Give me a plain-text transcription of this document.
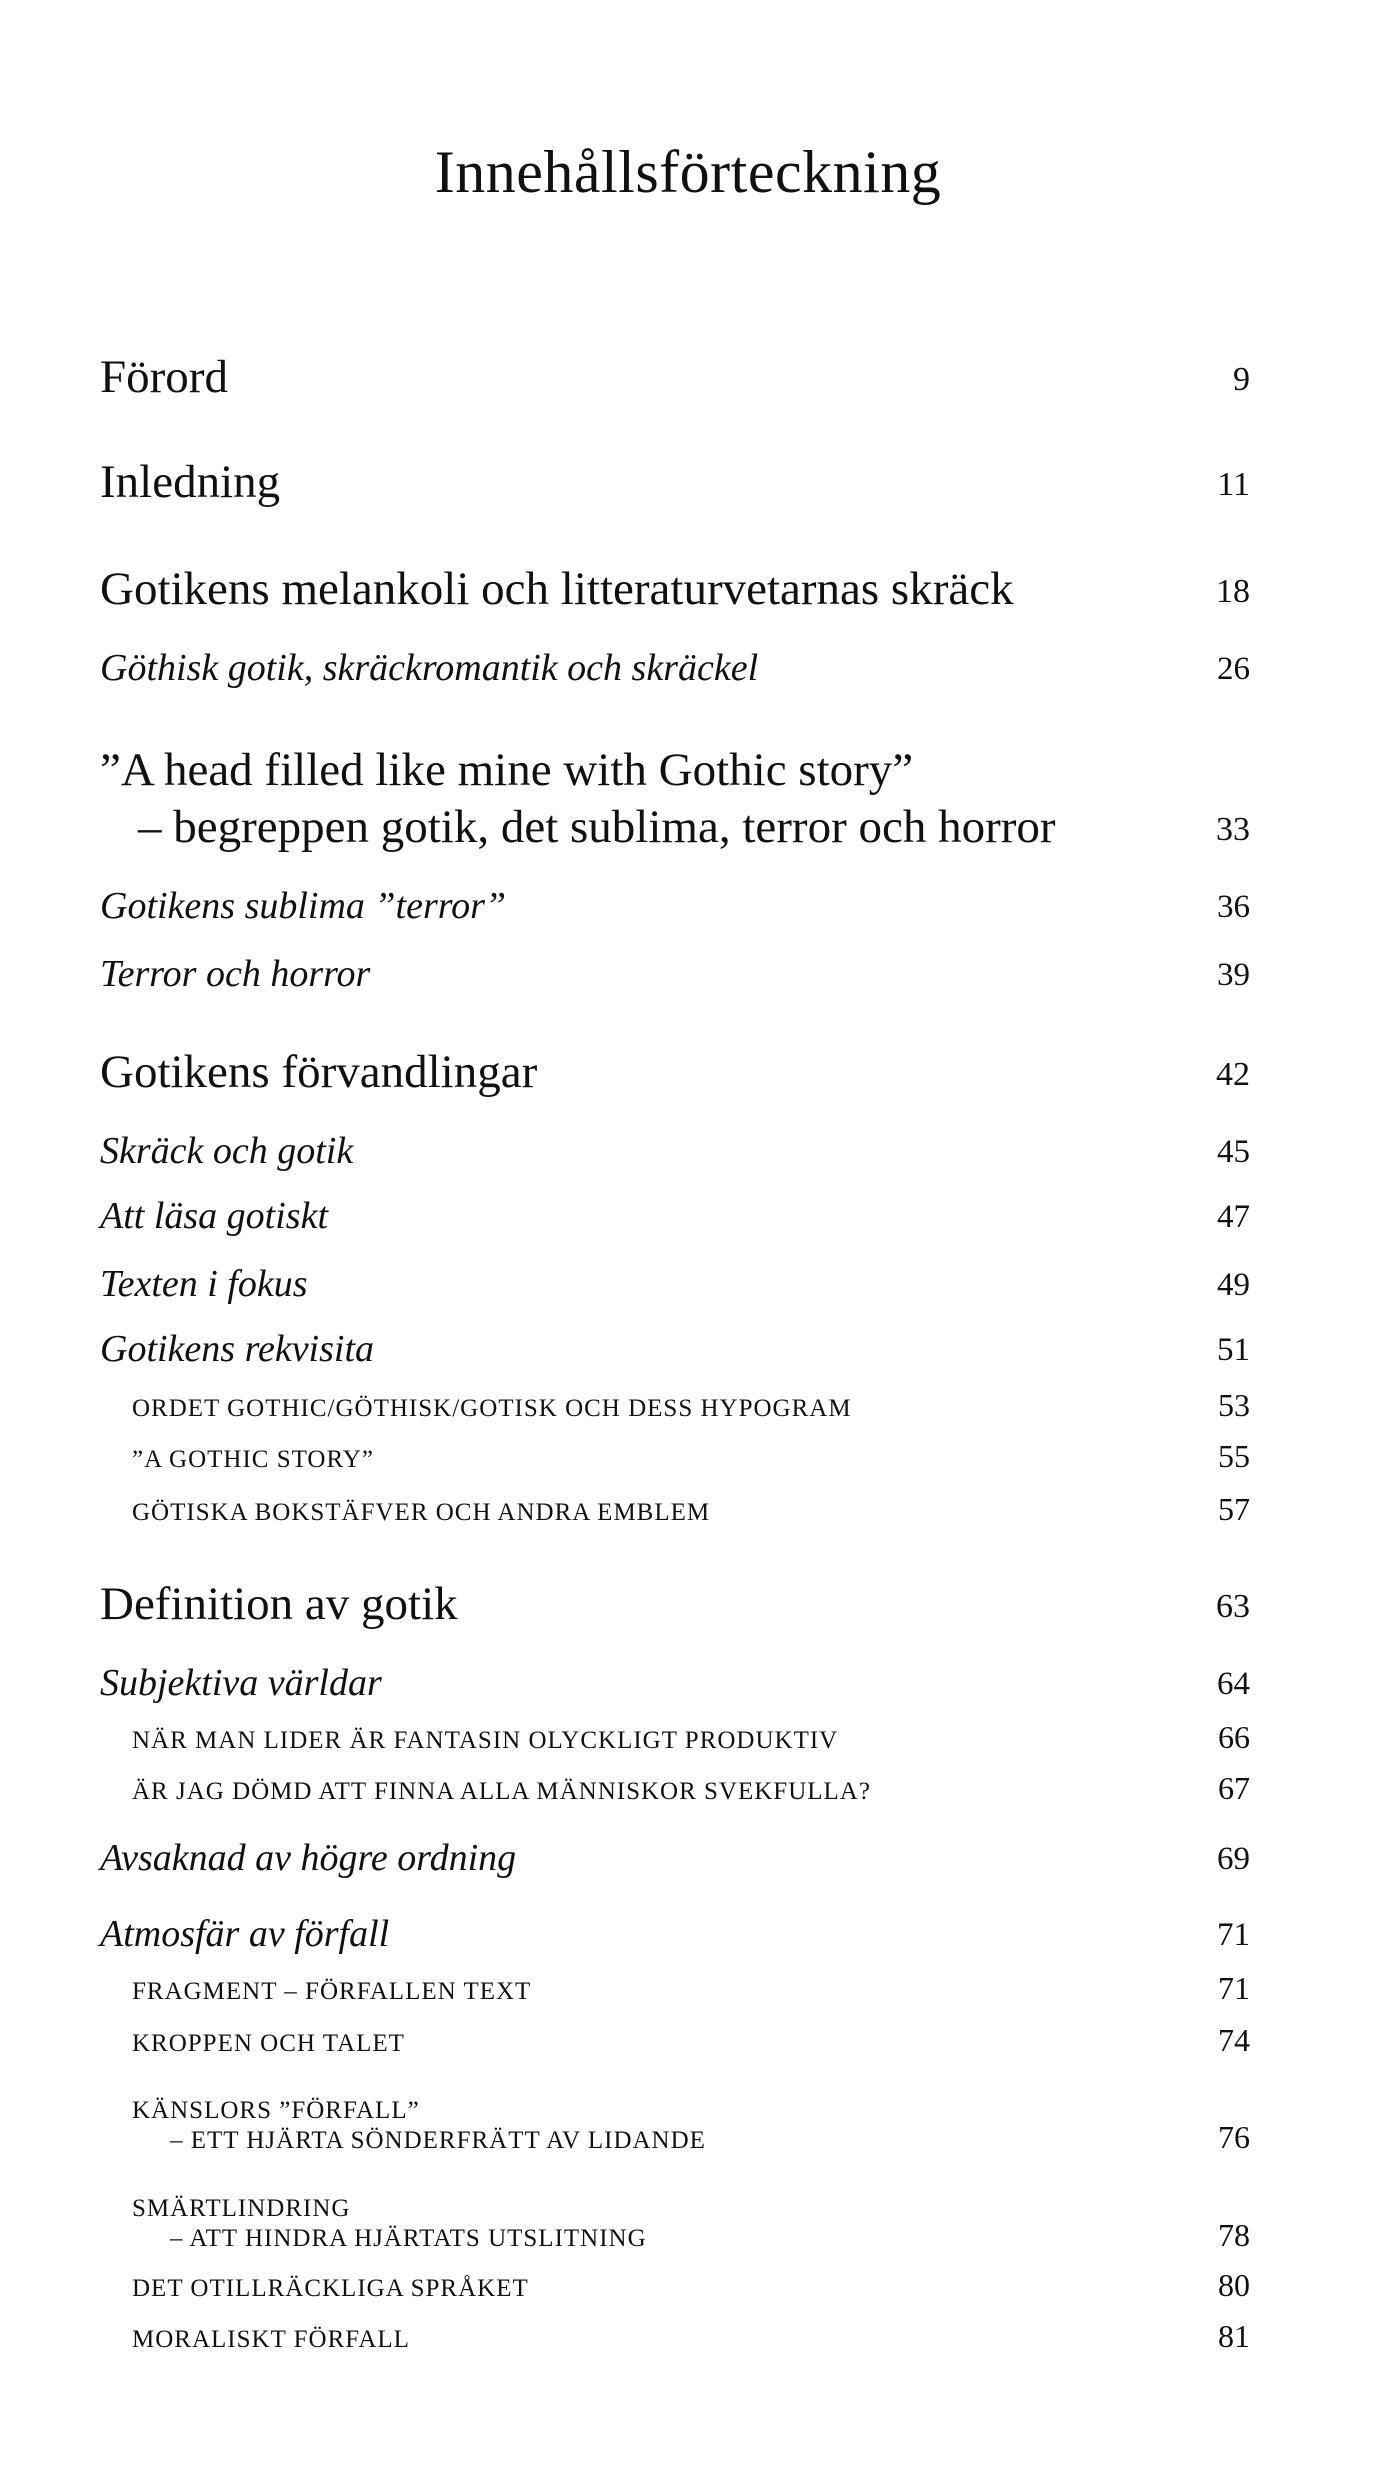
Innehållsförteckning
Förord	9
Inledning	11
Gotikens melankoli och litteraturvetarnas skräck	18
Göthisk gotik, skräckromantik och skräckel	26
”A head filled like mine with Gothic story”
– begreppen gotik, det sublima, terror och horror	33
Gotikens sublima ”terror”	36
Terror och horror	39
Gotikens förvandlingar	42
Skräck och gotik	45
Att läsa gotiskt	47
Texten i fokus	49
Gotikens rekvisita	51
ORDET GOTHIC/GÖTHISK/GOTISK OCH DESS HYPOGRAM	53
”A GOTHIC STORY”	55
GÖTISKA BOKSTÄFVER OCH ANDRA EMBLEM	57
Definition av gotik	63
Subjektiva världar	64
NÄR MAN LIDER ÄR FANTASIN OLYCKLIGT PRODUKTIV	66
ÄR JAG DÖMD ATT FINNA ALLA MÄNNISKOR SVEKFULLA?	67
Avsaknad av högre ordning	69
Atmosfär av förfall	71
FRAGMENT – FÖRFALLEN TEXT	71
KROPPEN OCH TALET	74
KÄNSLORS ”FÖRFALL”
– ETT HJÄRTA SÖNDERFRÄTT AV LIDANDE	76
SMÄRTLINDRING
– ATT HINDRA HJÄRTATS UTSLITNING	78
DET OTILLRÄCKLIGA SPRÅKET	80
MORALISKT FÖRFALL	81
